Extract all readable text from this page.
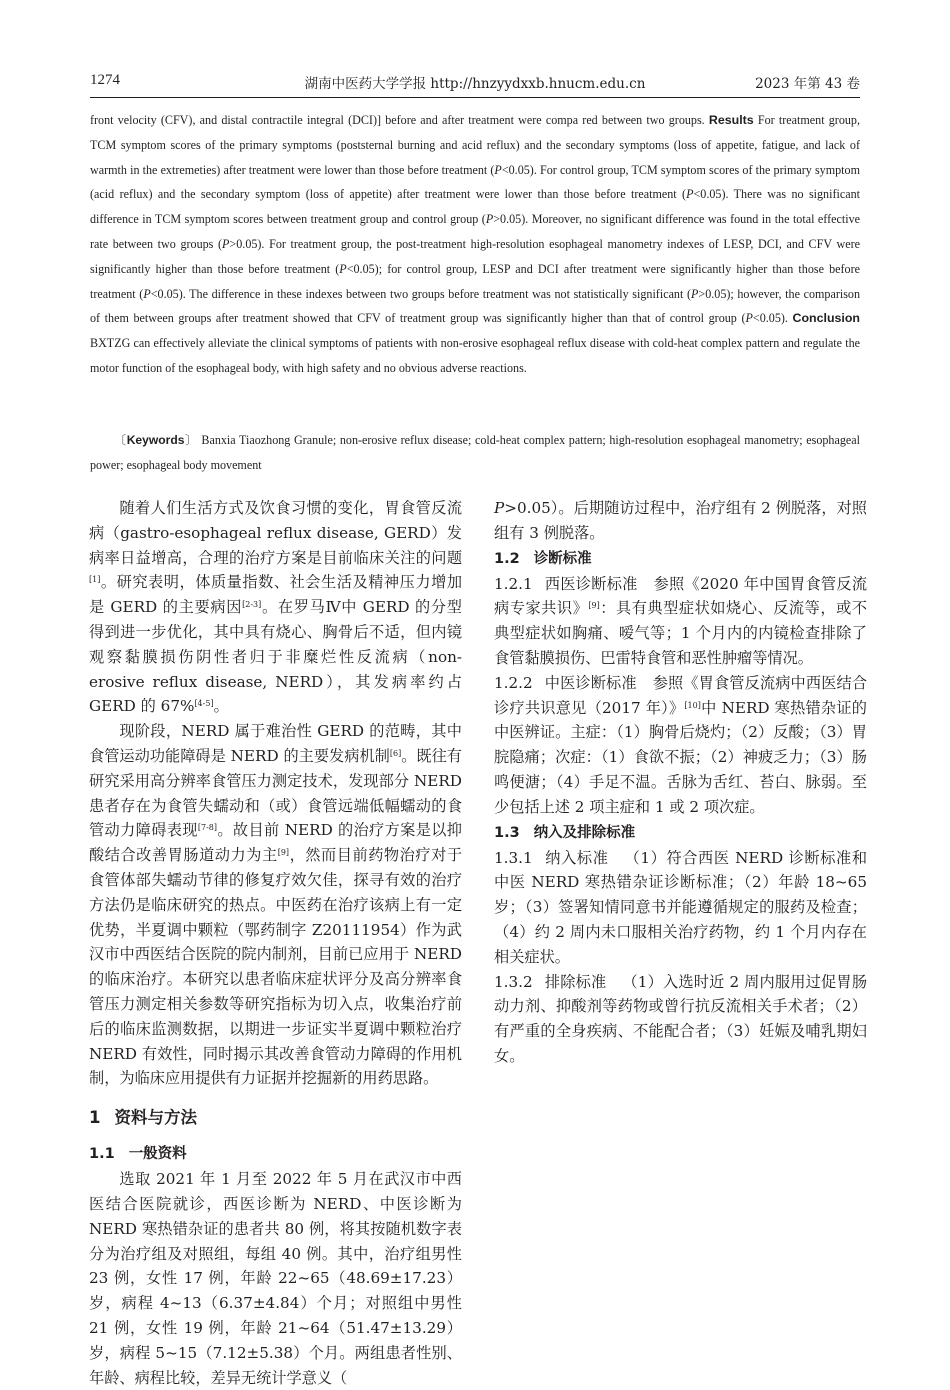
1274	湖南中医药大学学报 http://hnzyydxxb.hnucm.edu.cn	2023 年第 43 卷
front velocity (CFV), and distal contractile integral (DCI)] before and after treatment were compa red between two groups. Results For treatment group, TCM symptom scores of the primary symptoms (poststernal burning and acid reflux) and the secondary symptoms (loss of appetite, fatigue, and lack of warmth in the extremeties) after treatment were lower than those before treatment (P<0.05). For control group, TCM symptom scores of the primary symptom (acid reflux) and the secondary symptom (loss of appetite) after treatment were lower than those before treatment (P<0.05). There was no significant difference in TCM symptom scores between treatment group and control group (P>0.05). Moreover, no significant difference was found in the total effective rate between two groups (P>0.05). For treatment group, the post-treatment high-resolution esophageal manometry indexes of LESP, DCI, and CFV were significantly higher than those before treatment (P<0.05); for control group, LESP and DCI after treatment were significantly higher than those before treatment (P<0.05). The difference in these indexes between two groups before treatment was not statistically significant (P>0.05); however, the comparison of them between groups after treatment showed that CFV of treatment group was significantly higher than that of control group (P<0.05). Conclusion BXTZG can effectively alleviate the clinical symptoms of patients with non-erosive esophageal reflux disease with cold-heat complex pattern and regulate the motor function of the esophageal body, with high safety and no obvious adverse reactions.
〔Keywords〕 Banxia Tiaozhong Granule; non-erosive reflux disease; cold-heat complex pattern; high-resolution esophageal manometry; esophageal power; esophageal body movement

随着人们生活方式及饮食习惯的变化，胃食管反流病（gastro-esophageal reflux disease, GERD）发病率日益增高，合理的治疗方案是目前临床关注的问题[1]。研究表明，体质量指数、社会生活及精神压力增加是 GERD 的主要病因[2-3]。在罗马Ⅳ中 GERD 的分型得到进一步优化，其中具有烧心、胸骨后不适，但内镜观察黏膜损伤阴性者归于非糜烂性反流病（non-erosive reflux disease, NERD），其发病率约占 GERD 的 67%[4-5]。

现阶段，NERD 属于难治性 GERD 的范畴，其中食管运动功能障碍是 NERD 的主要发病机制[6]。既往有研究采用高分辨率食管压力测定技术，发现部分 NERD 患者存在为食管失蠕动和（或）食管远端低幅蠕动的食管动力障碍表现[7-8]。故目前 NERD 的治疗方案是以抑酸结合改善胃肠道动力为主[9]，然而目前药物治疗对于食管体部失蠕动节律的修复疗效欠佳，探寻有效的治疗方法仍是临床研究的热点。中医药在治疗该病上有一定优势，半夏调中颗粒（鄂药制字 Z20111954）作为武汉市中西医结合医院的院内制剂，目前已应用于 NERD 的临床治疗。本研究以患者临床症状评分及高分辨率食管压力测定相关参数等研究指标为切入点，收集治疗前后的临床监测数据，以期进一步证实半夏调中颗粒治疗 NERD 有效性，同时揭示其改善食管动力障碍的作用机制，为临床应用提供有力证据并挖掘新的用药思路。

1 资料与方法
1.1 一般资料

选取 2021 年 1 月至 2022 年 5 月在武汉市中西医结合医院就诊，西医诊断为 NERD、中医诊断为 NERD 寒热错杂证的患者共 80 例，将其按随机数字表分为治疗组及对照组，每组 40 例。其中，治疗组男性 23 例，女性 17 例，年龄 22~65（48.69±17.23）岁，病程 4~13（6.37±4.84）个月；对照组中男性 21 例，女性 19 例，年龄 21~64（51.47±13.29）岁，病程 5~15（7.12±5.38）个月。两组患者性别、年龄、病程比较，差异无统计学意义（

P>0.05）。后期随访过程中，治疗组有 2 例脱落，对照组有 3 例脱落。

1.2 诊断标准

1.2.1 西医诊断标准 参照《2020 年中国胃食管反流病专家共识》[9]：具有典型症状如烧心、反流等，或不典型症状如胸痛、嗳气等；1 个月内的内镜检查排除了食管黏膜损伤、巴雷特食管和恶性肿瘤等情况。

1.2.2 中医诊断标准 参照《胃食管反流病中西医结合诊疗共识意见（2017 年）》[10]中 NERD 寒热错杂证的中医辨证。主症：（1）胸骨后烧灼；（2）反酸；（3）胃脘隐痛；次症：（1）食欲不振；（2）神疲乏力；（3）肠鸣便溏；（4）手足不温。舌脉为舌红、苔白、脉弱。至少包括上述 2 项主症和 1 或 2 项次症。

1.3 纳入及排除标准

1.3.1 纳入标准 （1）符合西医 NERD 诊断标准和中医 NERD 寒热错杂证诊断标准；（2）年龄 18~65岁；（3）签署知情同意书并能遵循规定的服药及检查；（4）约 2 周内未口服相关治疗药物，约 1 个月内存在相关症状。

1.3.2 排除标准 （1）入选时近 2 周内服用过促胃肠动力剂、抑酸剂等药物或曾行抗反流相关手术者；（2）有严重的全身疾病、不能配合者；（3）妊娠及哺乳期妇女。
